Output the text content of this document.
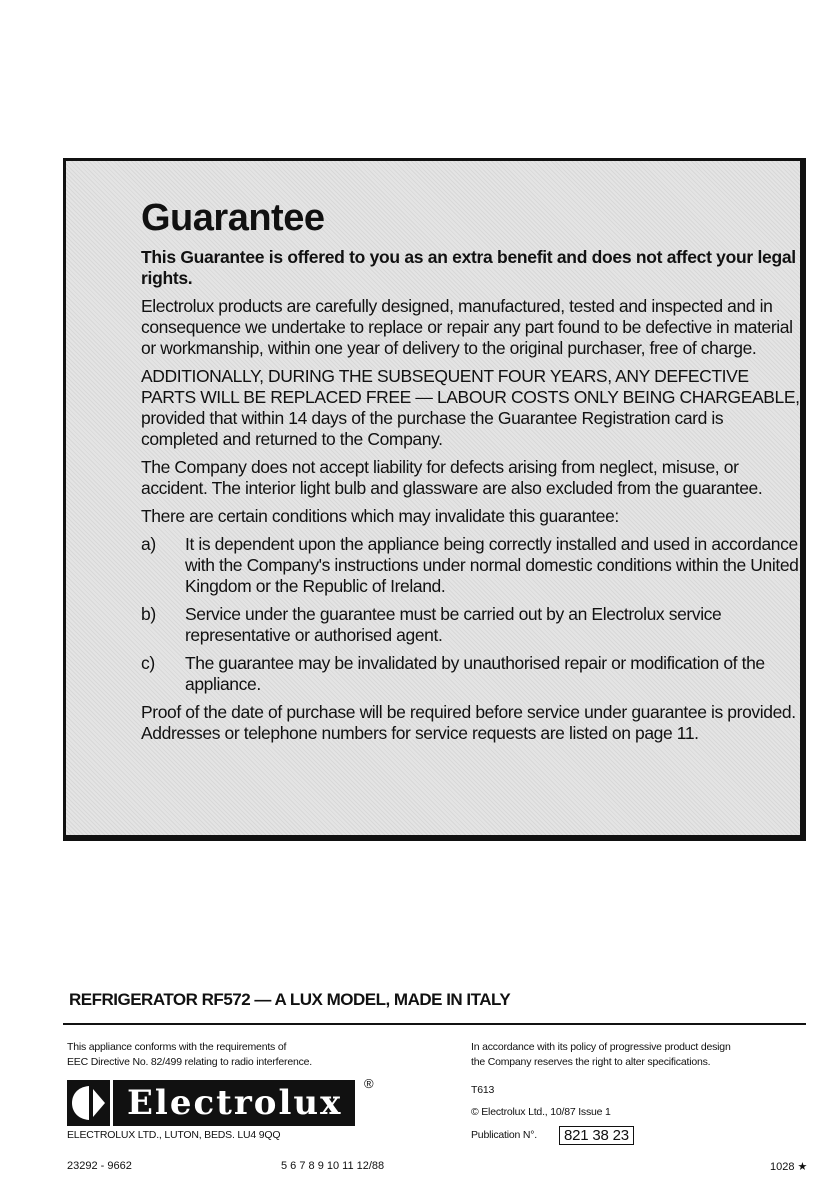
Guarantee
This Guarantee is offered to you as an extra benefit and does not affect your legal rights.
Electrolux products are carefully designed, manufactured, tested and inspected and in consequence we undertake to replace or repair any part found to be defective in material or workmanship, within one year of delivery to the original purchaser, free of charge.
ADDITIONALLY, DURING THE SUBSEQUENT FOUR YEARS, ANY DEFECTIVE PARTS WILL BE REPLACED FREE — LABOUR COSTS ONLY BEING CHARGEABLE, provided that within 14 days of the purchase the Guarantee Registration card is completed and returned to the Company.
The Company does not accept liability for defects arising from neglect, misuse, or accident. The interior light bulb and glassware are also excluded from the guarantee.
There are certain conditions which may invalidate this guarantee:
a)	It is dependent upon the appliance being correctly installed and used in accordance with the Company's instructions under normal domestic conditions within the United Kingdom or the Republic of Ireland.
b)	Service under the guarantee must be carried out by an Electrolux service representative or authorised agent.
c)	The guarantee may be invalidated by unauthorised repair or modification of the appliance.
Proof of the date of purchase will be required before service under guarantee is provided. Addresses or telephone numbers for service requests are listed on page 11.
REFRIGERATOR RF572 — A LUX MODEL, MADE IN ITALY
This appliance conforms with the requirements of
EEC Directive No. 82/499 relating to radio interference.
In accordance with its policy of progressive product design
the Company reserves the right to alter specifications.
Electrolux ®	T613
© Electrolux Ltd., 10/87 Issue 1
ELECTROLUX LTD., LUTON, BEDS. LU4 9QQ	Publication N°.	821 38 23
23292 - 9662	5 6 7 8 9 10 11 12/88	1028 ★
